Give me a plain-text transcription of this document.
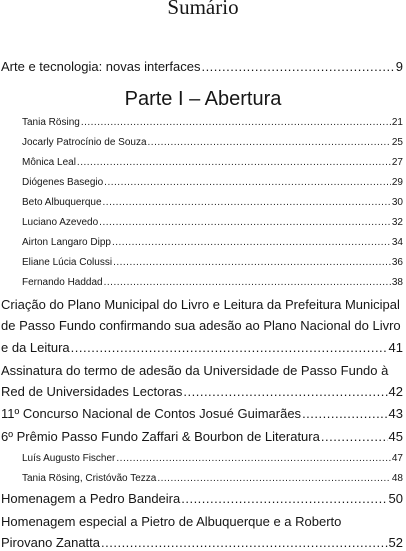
Sumário
Arte e tecnologia: novas interfaces .....	9
Parte I – Abertura
Tania Rösing .....	21
Jocarly Patrocínio de Souza .....	25
Mônica Leal .....	27
Diógenes Basegio .....	29
Beto Albuquerque .....	30
Luciano Azevedo .....	32
Airton Langaro Dipp .....	34
Eliane Lúcia Colussi .....	36
Fernando Haddad .....	38
Criação do Plano Municipal do Livro e Leitura da Prefeitura Municipal
de Passo Fundo confirmando sua adesão ao Plano Nacional do Livro
e da Leitura .....	41
Assinatura do termo de adesão da Universidade de Passo Fundo à
Red de Universidades Lectoras .....	42
11º Concurso Nacional de Contos Josué Guimarães .....	43
6º Prêmio Passo Fundo Zaffari & Bourbon de Literatura .....	45
Luís Augusto Fischer .....	47
Tania Rösing, Cristóvão Tezza .....	48
Homenagem a Pedro Bandeira .....	50
Homenagem especial a Pietro de Albuquerque e a Roberto
Pirovano Zanatta .....	52
